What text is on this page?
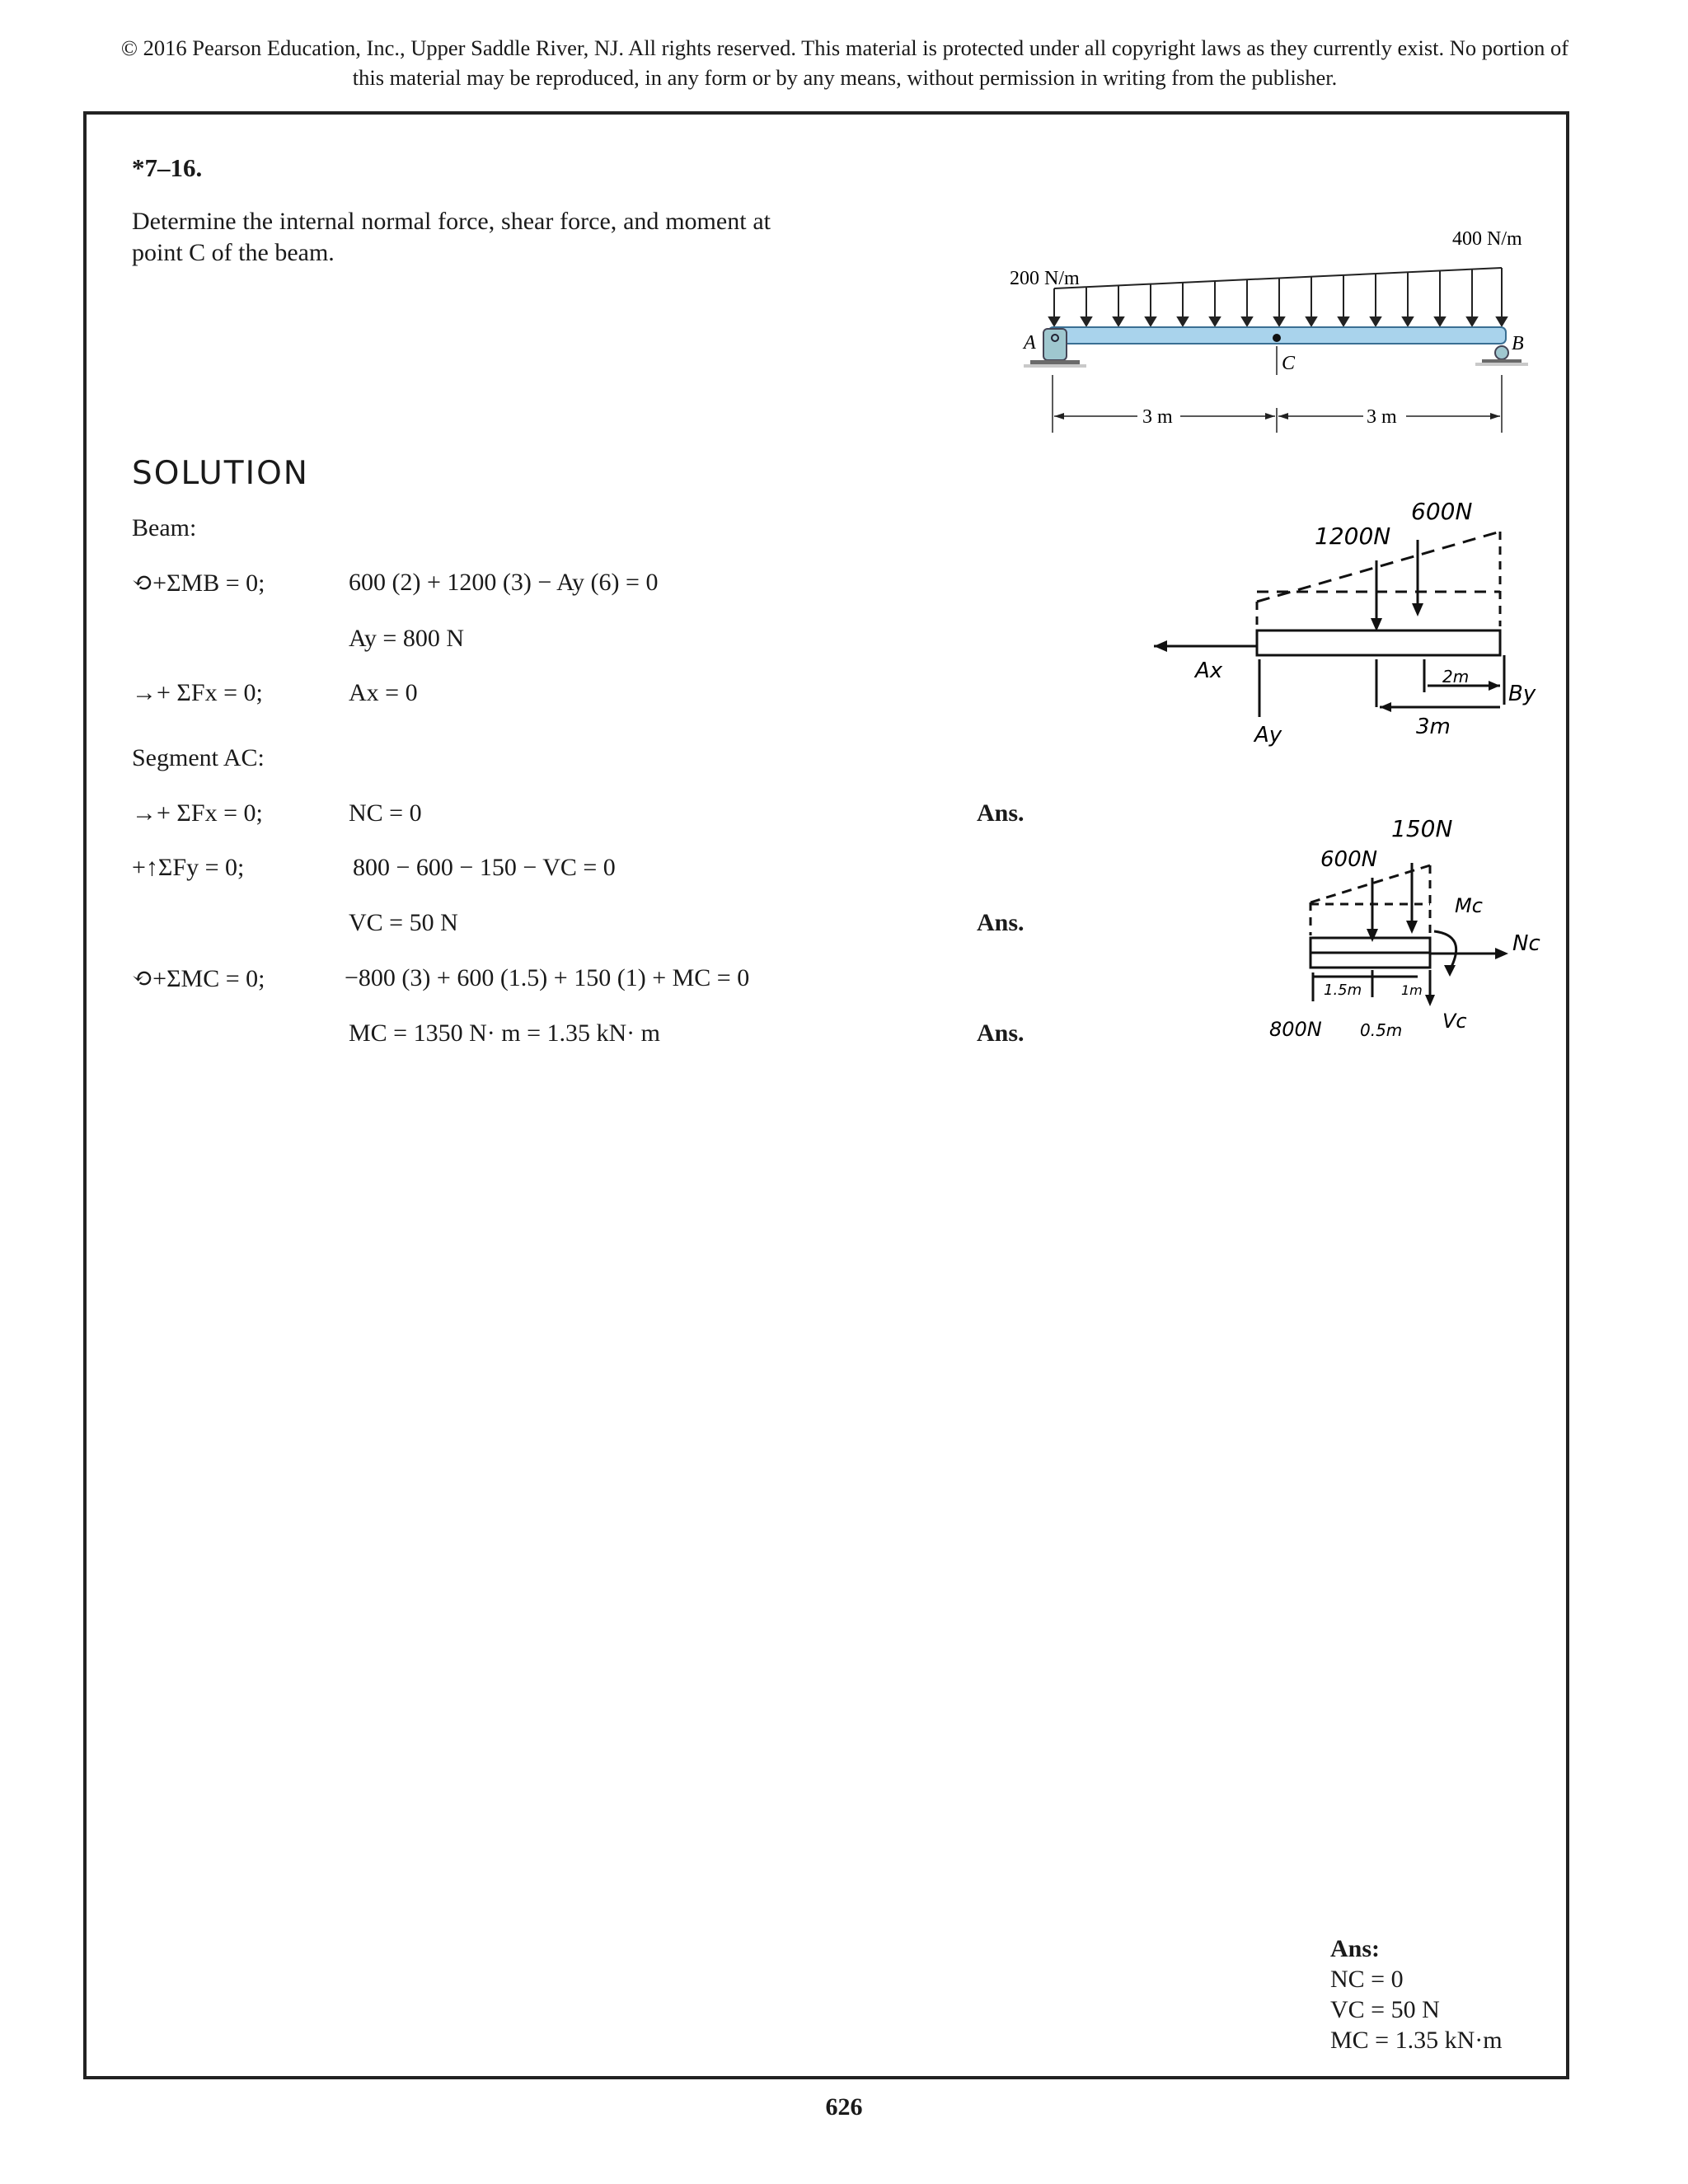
© 2016 Pearson Education, Inc., Upper Saddle River, NJ. All rights reserved. This material is protected under all copyright laws as they currently exist. No portion of this material may be reproduced, in any form or by any means, without permission in writing from the publisher.
*7–16.
Determine the internal normal force, shear force, and moment at point C of the beam.
200 N/m
400 N/m
A	B
C
3 m	3 m
SOLUTION
Beam:
⟲+ΣMB = 0;	600 (2) + 1200 (3) − Ay (6) = 0
Ay = 800 N
→+ ΣFx = 0;	Ax = 0
Segment AC:
→+ ΣFx = 0;	NC = 0	Ans.
+↑ΣFy = 0;	800 − 600 − 150 − VC = 0
VC = 50 N	Ans.
⟲+ΣMC = 0;	−800 (3) + 600 (1.5) + 150 (1) + MC = 0
MC = 1350 N· m = 1.35 kN· m	Ans.
1200N
600N
Ax
Ay
By
2m
3m
600N
150N
Mc
Nc
Vc
800N
1.5m	1m
0.5m
Ans:
NC = 0
VC = 50 N
MC = 1.35 kN·m
626
